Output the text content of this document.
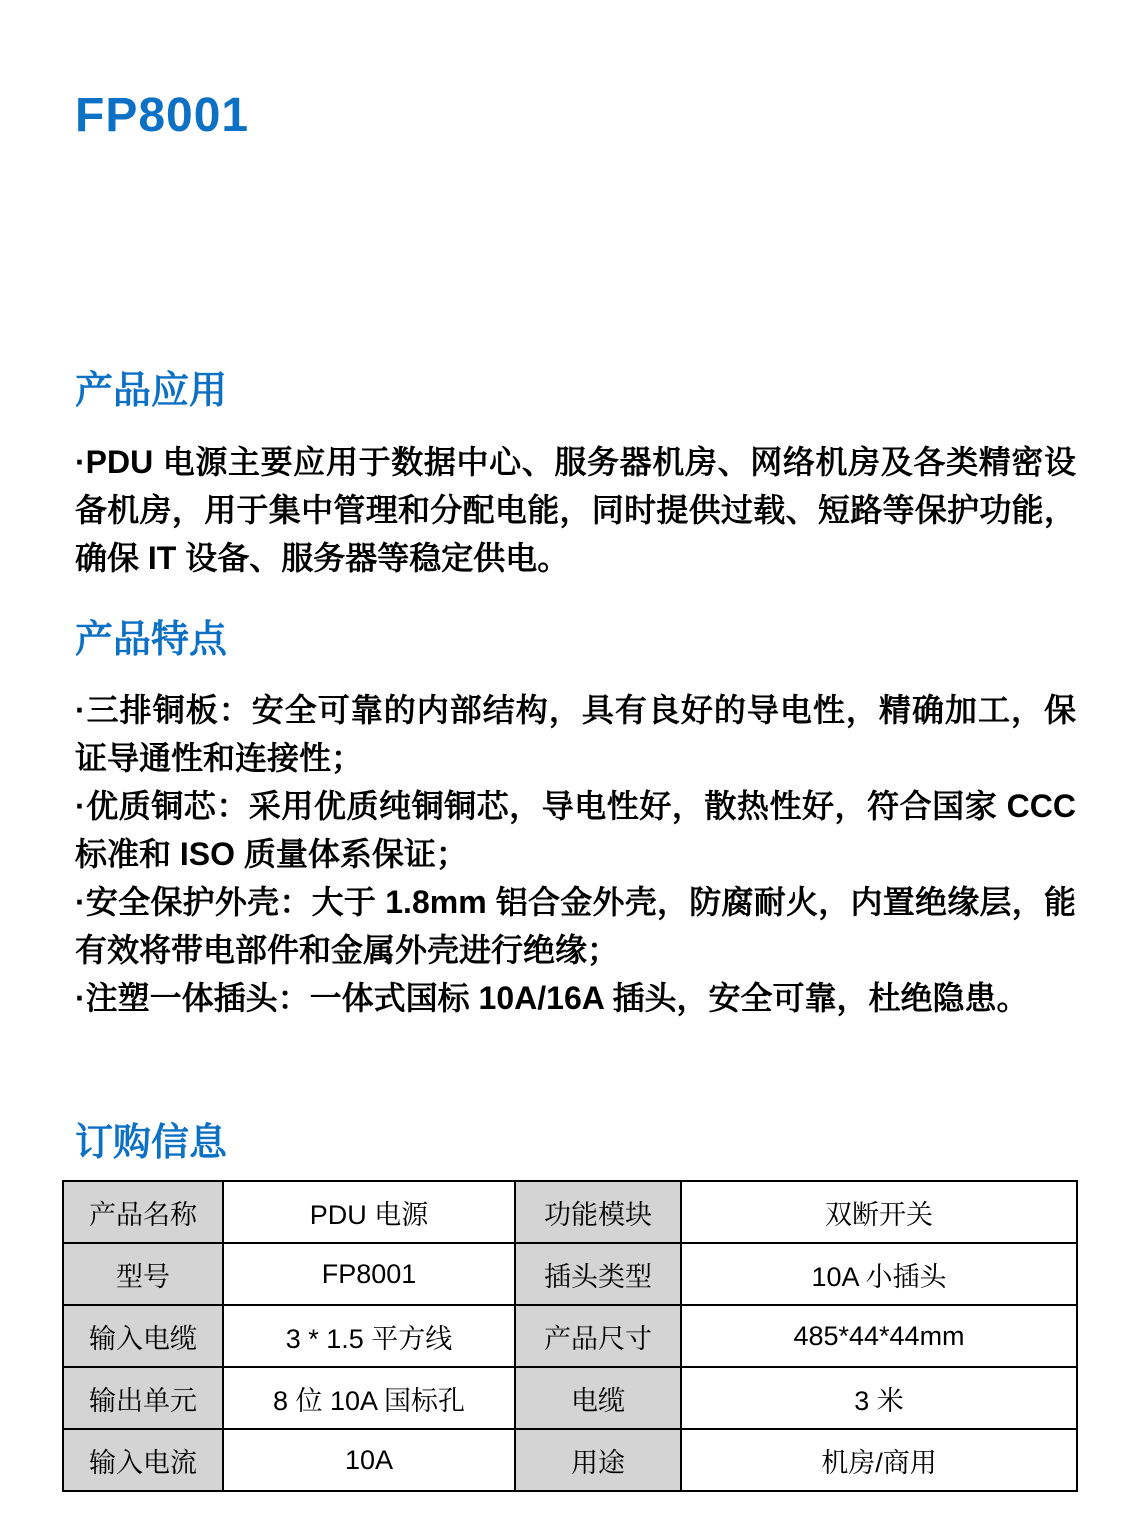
FP8001
产品应用

·PDU 电源主要应用于数据中心、服务器机房、网络机房及各类精密设备机房，用于集中管理和分配电能，同时提供过载、短路等保护功能，确保 IT 设备、服务器等稳定供电。

产品特点

·三排铜板：安全可靠的内部结构，具有良好的导电性，精确加工，保证导通性和连接性；

·优质铜芯：采用优质纯铜铜芯，导电性好，散热性好，符合国家 CCC 标准和 ISO 质量体系保证；

·安全保护外壳：大于 1.8mm 铝合金外壳，防腐耐火，内置绝缘层，能有效将带电部件和金属外壳进行绝缘；

·注塑一体插头：一体式国标 10A/16A 插头，安全可靠，杜绝隐患。

订购信息
产品名称	PDU 电源	功能模块	双断开关
型号	FP8001	插头类型	10A 小插头
输入电缆	3 * 1.5 平方线	产品尺寸	485*44*44mm
输出单元	8 位 10A 国标孔	电缆	3 米
输入电流	10A	用途	机房/商用
